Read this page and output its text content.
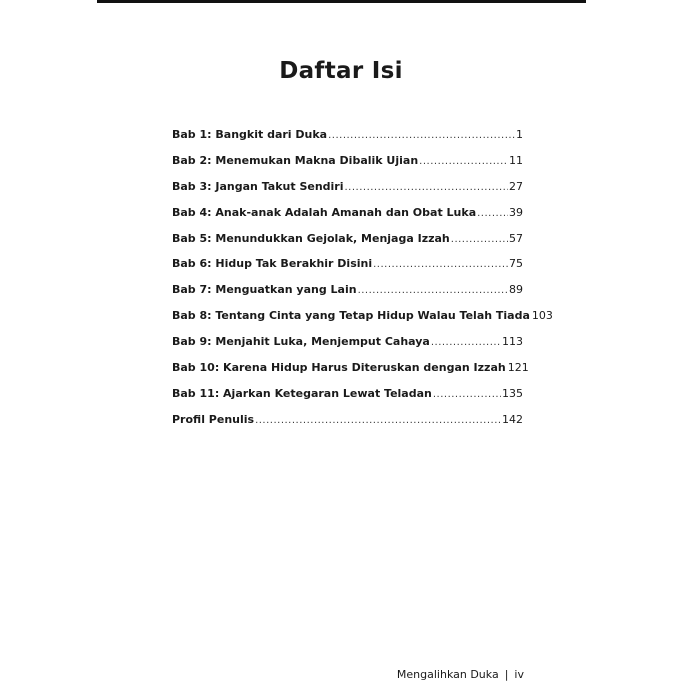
Daftar Isi
Bab 1: Bangkit dari Duka .....	1
Bab 2: Menemukan Makna Dibalik Ujian .....	11
Bab 3: Jangan Takut Sendiri .....	27
Bab 4: Anak-anak Adalah Amanah dan Obat Luka .....	39
Bab 5: Menundukkan Gejolak, Menjaga Izzah .....	57
Bab 6: Hidup Tak Berakhir Disini .....	75
Bab 7: Menguatkan yang Lain .....	89
Bab 8: Tentang Cinta yang Tetap Hidup Walau Telah Tiada 103
Bab 9: Menjahit Luka, Menjemput Cahaya .....	113
Bab 10: Karena Hidup Harus Diteruskan dengan Izzah 121
Bab 11: Ajarkan Ketegaran Lewat Teladan .....	135
Profil Penulis .....	142
Mengalihkan Duka | iv
